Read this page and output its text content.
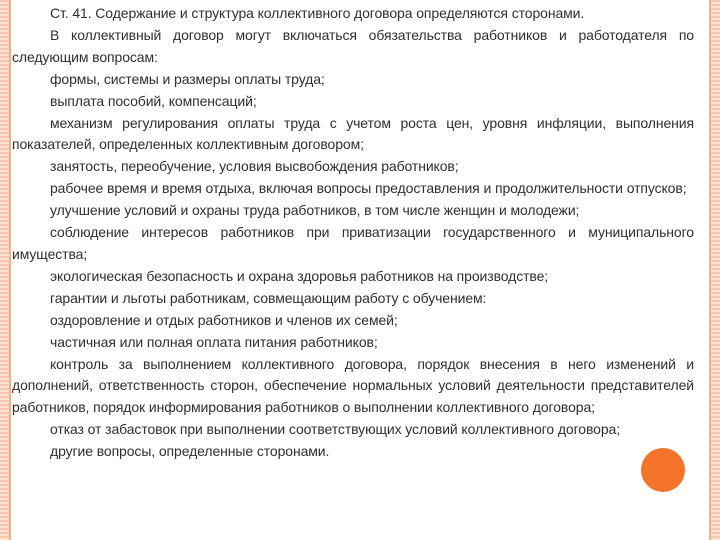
Ст. 41. Содержание и структура коллективного договора определяются сторонами.

В коллективный договор могут включаться обязательства работников и работодателя по следующим вопросам:

формы, системы и размеры оплаты труда;

выплата пособий, компенсаций;

механизм регулирования оплаты труда с учетом роста цен, уровня инфляции, выполнения показателей, определенных коллективным договором;

занятость, переобучение, условия высвобождения работников;

рабочее время и время отдыха, включая вопросы предоставления и продолжительности отпусков;

улучшение условий и охраны труда работников, в том числе женщин и молодежи;

соблюдение интересов работников при приватизации государственного и муниципального имущества;

экологическая безопасность и охрана здоровья работников на производстве;

гарантии и льготы работникам, совмещающим работу с обучением:

оздоровление и отдых работников и членов их семей;

частичная или полная оплата питания работников;

контроль за выполнением коллективного договора, порядок внесения в него изменений и дополнений, ответственность сторон, обеспечение нормальных условий деятельности представителей работников, порядок информирования работников о выполнении коллективного договора;

отказ от забастовок при выполнении соответствующих условий коллективного договора;

другие вопросы, определенные сторонами.
